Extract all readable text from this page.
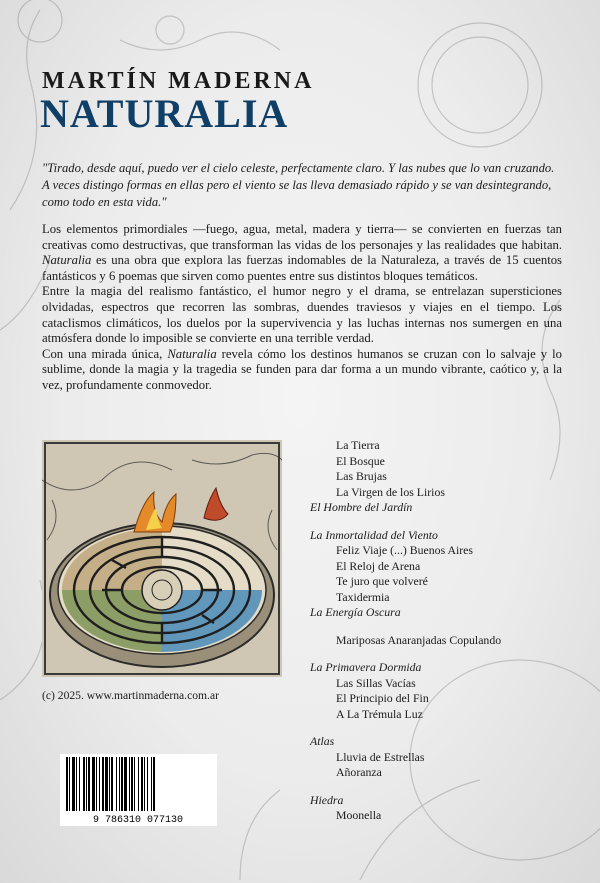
MARTÍN MADERNA
NATURALIA
"Tirado, desde aquí, puedo ver el cielo celeste, perfectamente claro. Y las nubes que lo van cruzando. A veces distingo formas en ellas pero el viento se las lleva demasiado rápido y se van desintegrando, como todo en esta vida."

Los elementos primordiales —fuego, agua, metal, madera y tierra— se convierten en fuerzas tan creativas como destructivas, que transforman las vidas de los personajes y las realidades que habitan. Naturalia es una obra que explora las fuerzas indomables de la Naturaleza, a través de 15 cuentos fantásticos y 6 poemas que sirven como puentes entre sus distintos bloques temáticos.

Entre la magia del realismo fantástico, el humor negro y el drama, se entrelazan supersticiones olvidadas, espectros que recorren las sombras, duendes traviesos y viajes en el tiempo. Los cataclismos climáticos, los duelos por la supervivencia y las luchas internas nos sumergen en una atmósfera donde lo imposible se convierte en una terrible verdad.

Con una mirada única, Naturalia revela cómo los destinos humanos se cruzan con lo salvaje y lo sublime, donde la magia y la tragedia se funden para dar forma a un mundo vibrante, caótico y, a la vez, profundamente conmovedor.

(c) 2025. www.martinmaderna.com.ar
La Tierra
El Bosque
Las Brujas
La Virgen de los Lirios
El Hombre del Jardín
La Inmortalidad del Viento
Feliz Viaje (...) Buenos Aires
El Reloj de Arena
Te juro que volveré
Taxidermia
La Energía Oscura
Mariposas Anaranjadas Copulando
La Primavera Dormida
Las Sillas Vacías
El Principio del Fin
A La Trémula Luz
Atlas
Lluvia de Estrellas
Añoranza
Hiedra
Moonella
9 786310 077130
